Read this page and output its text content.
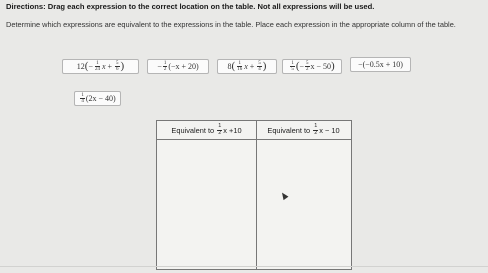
Directions: Drag each expression to the correct location on the table. Not all expressions will be used.
Determine which expressions are equivalent to the expressions in the table. Place each expression in the appropriate column of the table.
12 ( − $\frac{1}{24}$ x
+
$\frac{5}{6}$ )	− $\frac{1}{2} (-x + 20)$	8 ( $\frac{1}{16}$ x
+
$\frac{5}{4}$ )	$\frac{1}{5}$ ( − $\frac{5}{2}$ x − 50 )	−(−0.5x + 10)
$\frac{1}{4} (2x - 40)$
Equivalent to
$\frac{1}{2}$ x +10	Equivalent to
$\frac{1}{2}$ x − 10
